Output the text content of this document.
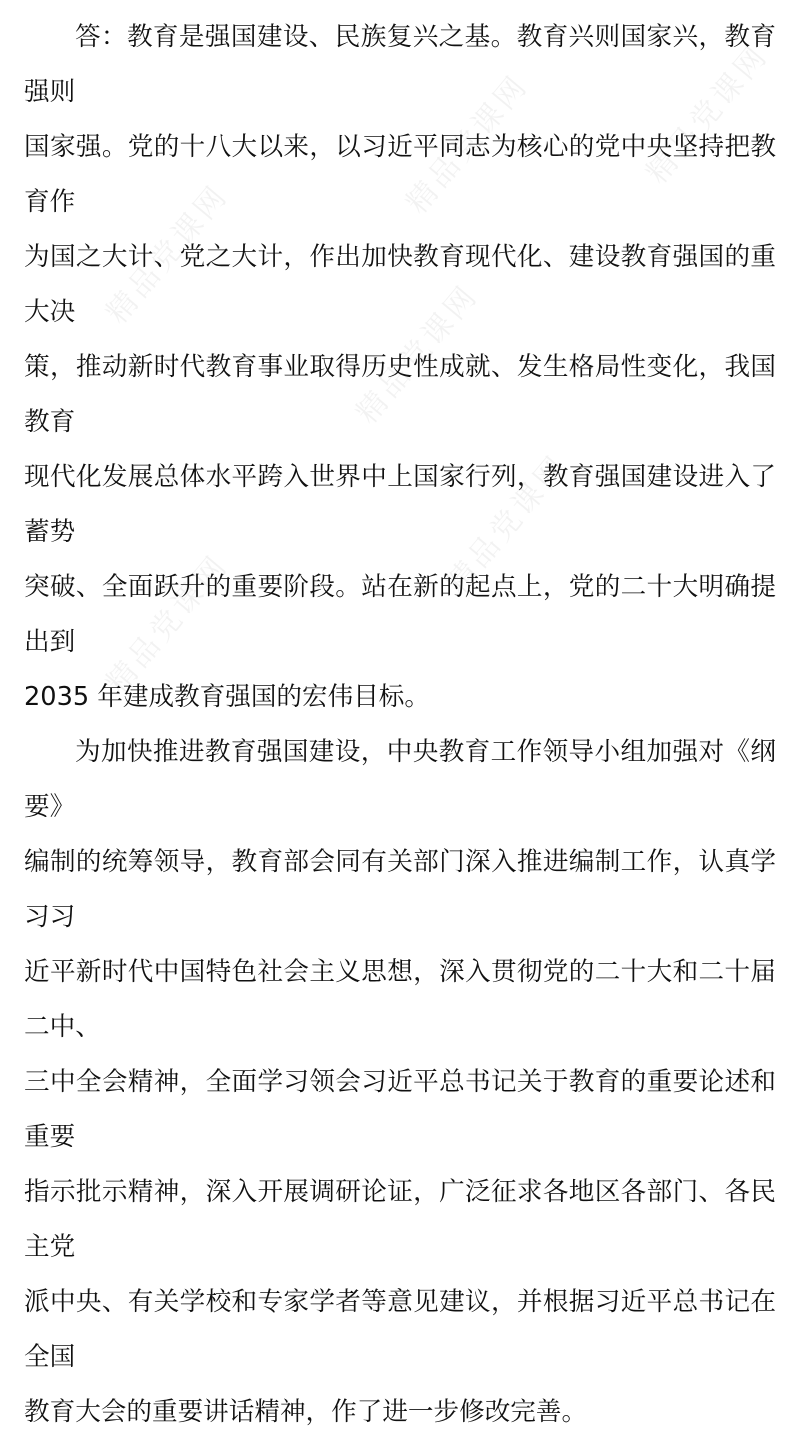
精品党课网
精品党课网	精品党课网
精品党课网
精品党课网
精品党课网

答：教育是强国建设、民族复兴之基。教育兴则国家兴，教育强则

国家强。党的十八大以来，以习近平同志为核心的党中央坚持把教育作

为国之大计、党之大计，作出加快教育现代化、建设教育强国的重大决

策，推动新时代教育事业取得历史性成就、发生格局性变化，我国教育

现代化发展总体水平跨入世界中上国家行列，教育强国建设进入了蓄势

突破、全面跃升的重要阶段。站在新的起点上，党的二十大明确提出到

2035 年建成教育强国的宏伟目标。

为加快推进教育强国建设，中央教育工作领导小组加强对《纲要》

编制的统筹领导，教育部会同有关部门深入推进编制工作，认真学习习

近平新时代中国特色社会主义思想，深入贯彻党的二十大和二十届二中、

三中全会精神，全面学习领会习近平总书记关于教育的重要论述和重要

指示批示精神，深入开展调研论证，广泛征求各地区各部门、各民主党

派中央、有关学校和专家学者等意见建议，并根据习近平总书记在全国

教育大会的重要讲话精神，作了进一步修改完善。
